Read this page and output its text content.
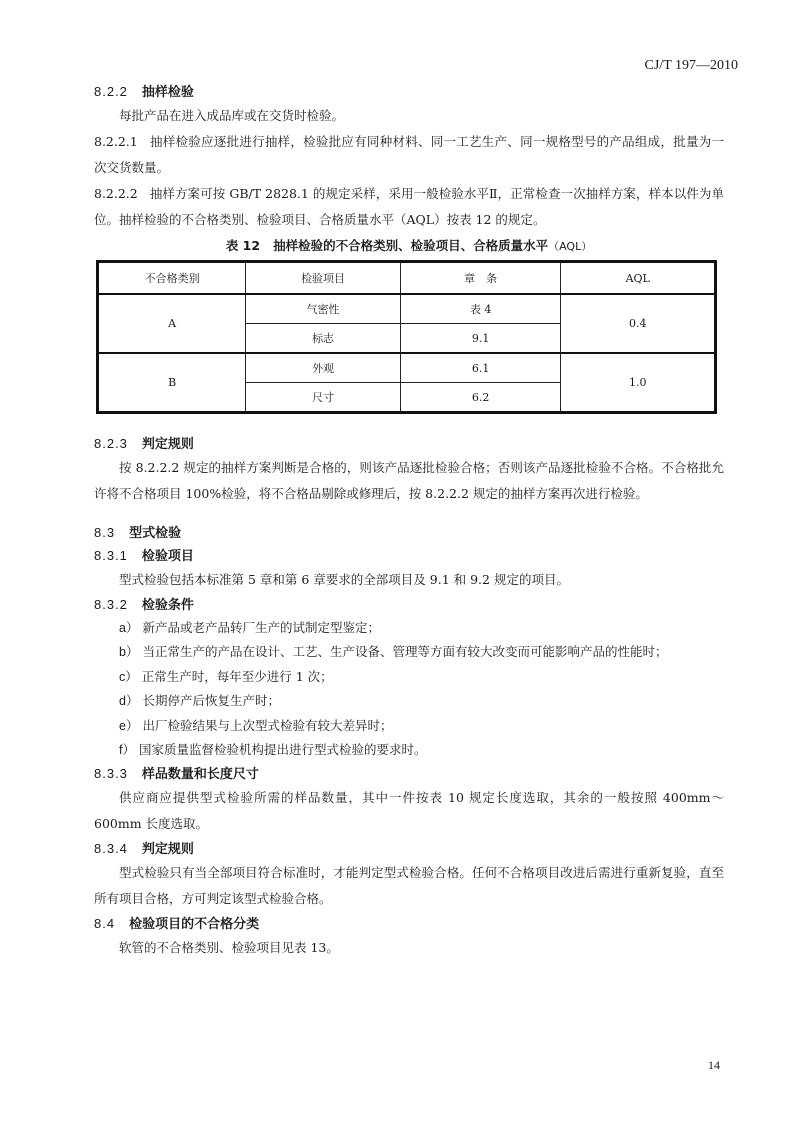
CJ/T 197—2010
8.2.2 抽样检验
每批产品在进入成品库或在交货时检验。
8.2.2.1 抽样检验应逐批进行抽样，检验批应有同种材料、同一工艺生产、同一规格型号的产品组成，批量为一次交货数量。
8.2.2.2 抽样方案可按 GB/T 2828.1 的规定采样，采用一般检验水平Ⅱ，正常检查一次抽样方案，样本以件为单位。抽样检验的不合格类别、检验项目、合格质量水平（AQL）按表 12 的规定。
表 12 抽样检验的不合格类别、检验项目、合格质量水平（AQL）
不合格类别	检验项目	章　条	AQL
A	气密性	表 4	0.4
	标志	9.1	
B	外观	6.1	1.0
	尺寸	6.2	
8.2.3 判定规则
按 8.2.2.2 规定的抽样方案判断是合格的，则该产品逐批检验合格；否则该产品逐批检验不合格。不合格批允许将不合格项目 100%检验，将不合格品剔除或修理后，按 8.2.2.2 规定的抽样方案再次进行检验。
8.3 型式检验
8.3.1 检验项目
型式检验包括本标准第 5 章和第 6 章要求的全部项目及 9.1 和 9.2 规定的项目。
8.3.2 检验条件
a） 新产品或老产品转厂生产的试制定型鉴定；
b） 当正常生产的产品在设计、工艺、生产设备、管理等方面有较大改变而可能影响产品的性能时；
c） 正常生产时，每年至少进行 1 次；
d） 长期停产后恢复生产时；
e） 出厂检验结果与上次型式检验有较大差异时；
f） 国家质量监督检验机构提出进行型式检验的要求时。
8.3.3 样品数量和长度尺寸
供应商应提供型式检验所需的样品数量，其中一件按表 10 规定长度选取，其余的一般按照 400mm～600mm 长度选取。
8.3.4 判定规则
型式检验只有当全部项目符合标准时，才能判定型式检验合格。任何不合格项目改进后需进行重新复验，直至所有项目合格，方可判定该型式检验合格。
8.4 检验项目的不合格分类
软管的不合格类别、检验项目见表 13。
14
